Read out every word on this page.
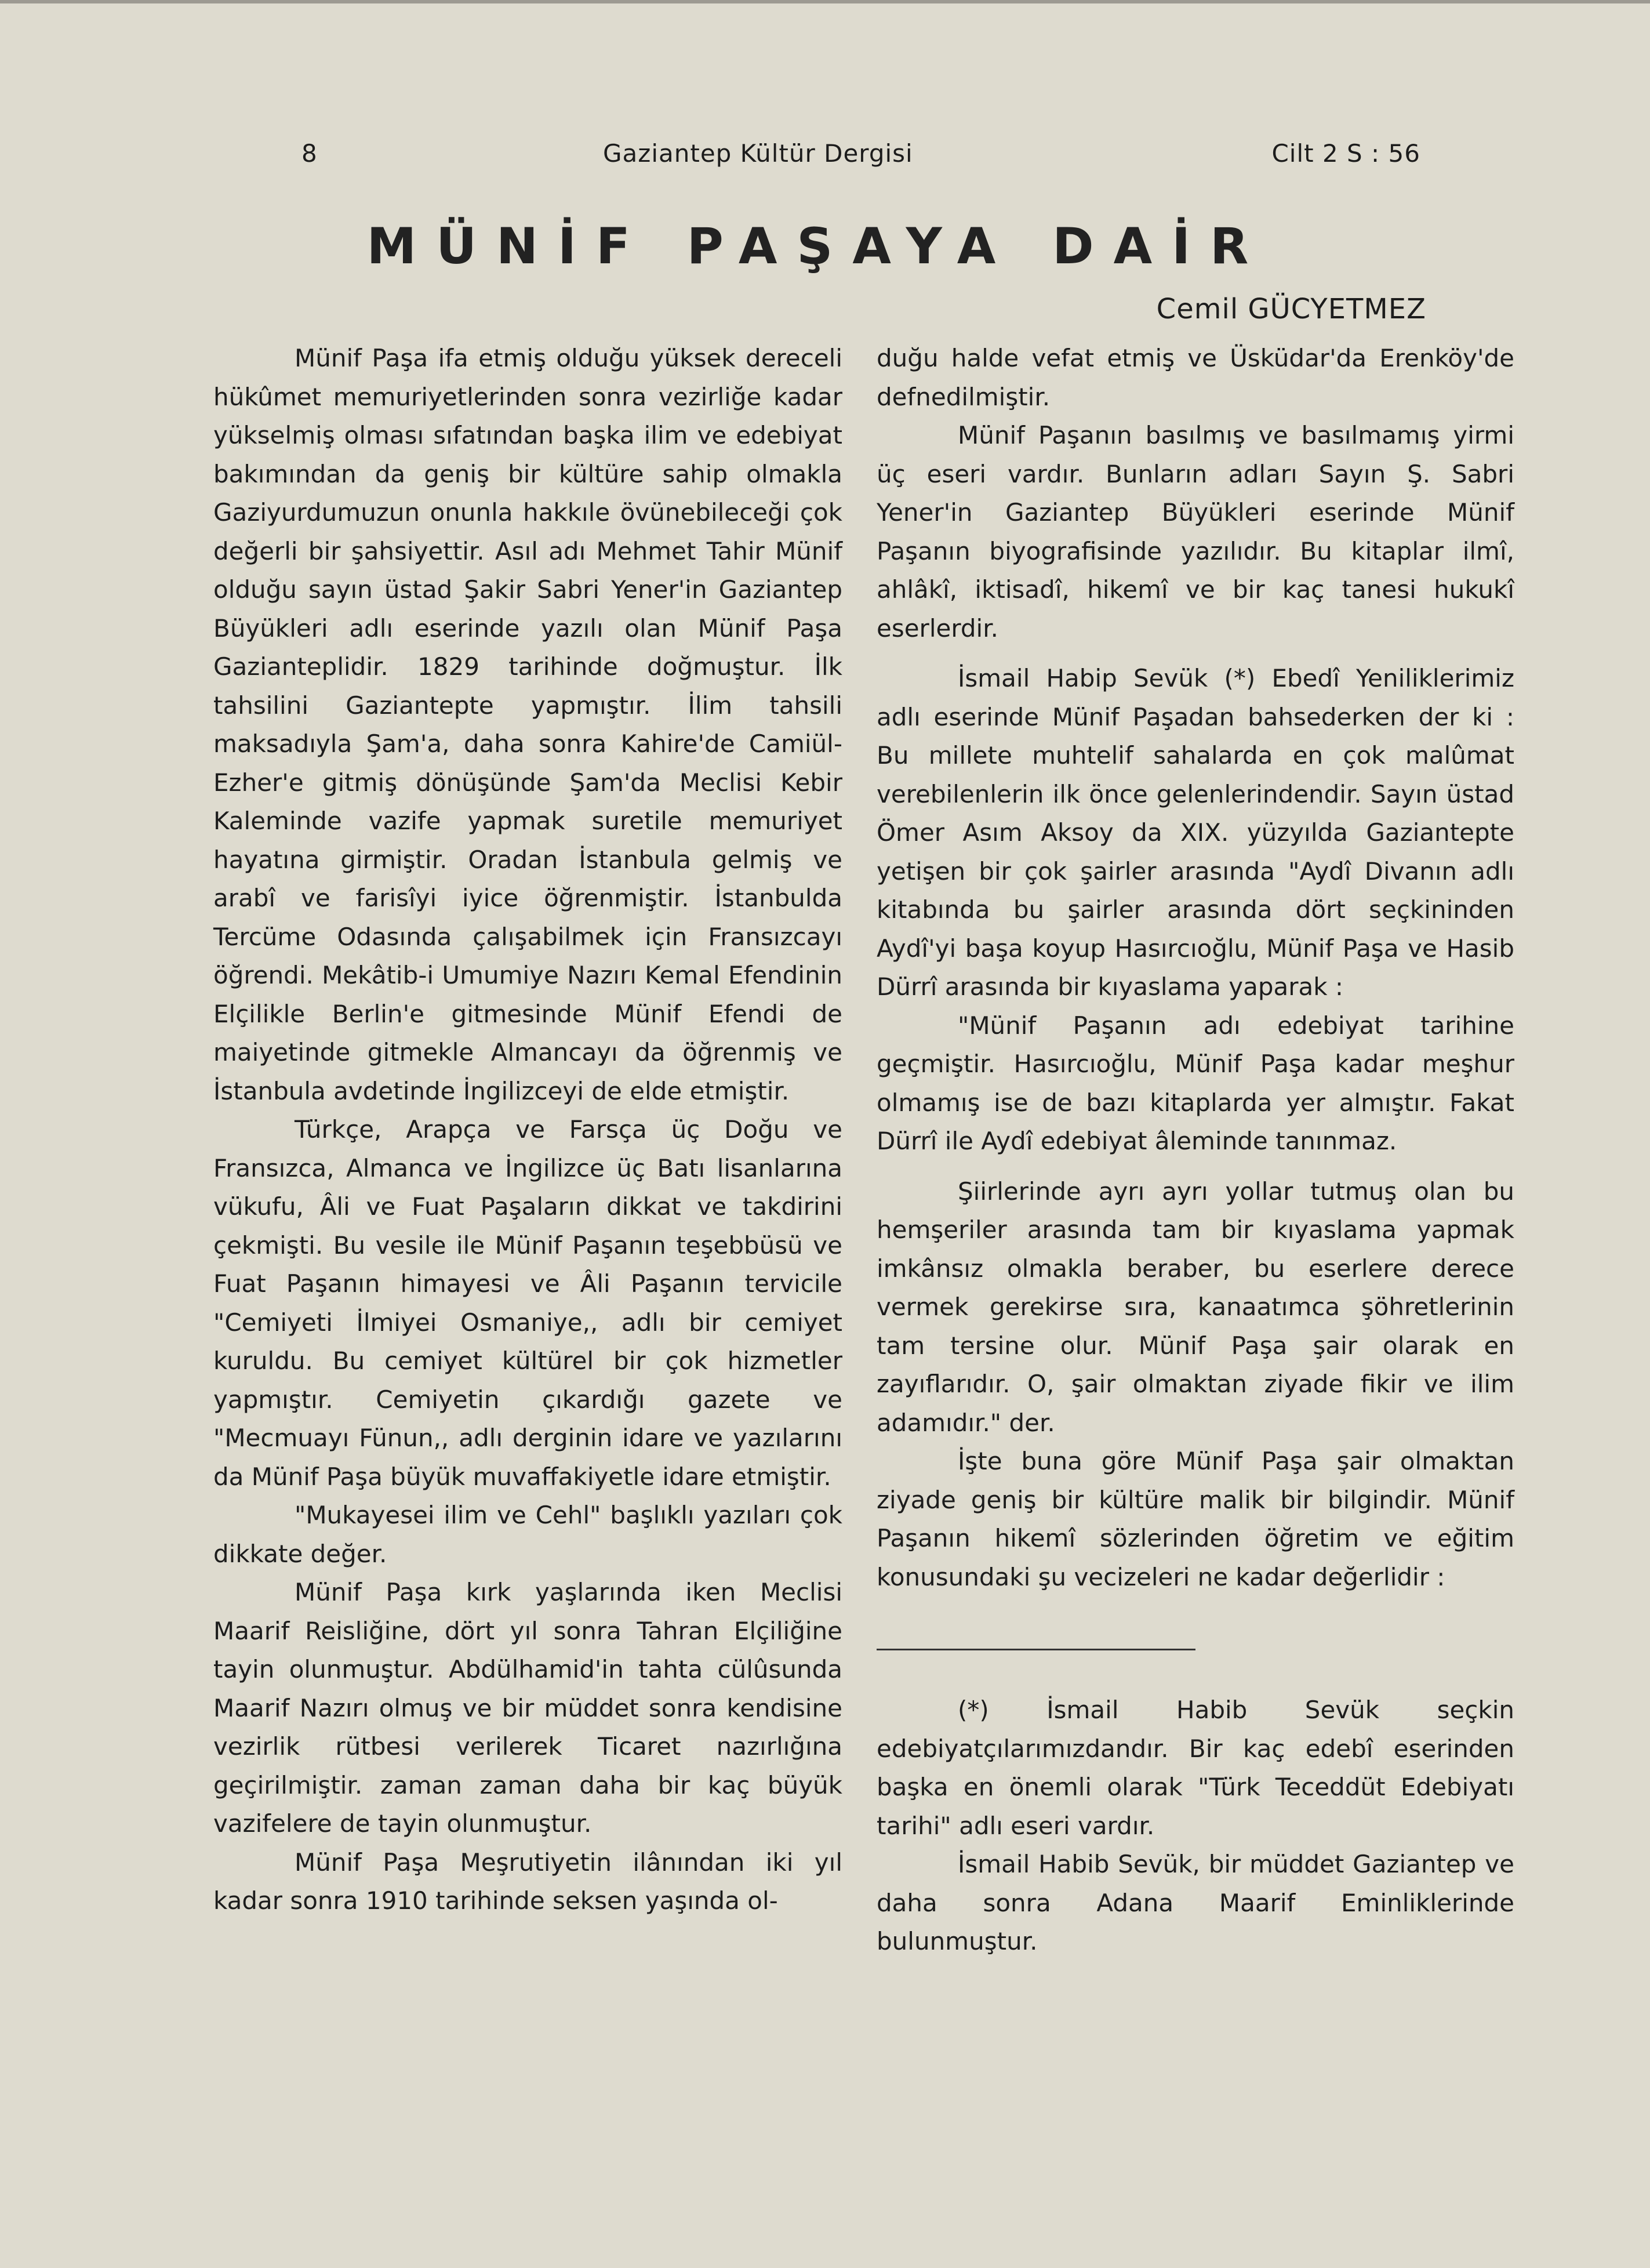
8	Gaziantep Kültür Dergisi	Cilt 2 S : 56
MÜNİF PAŞAYA DAİR
Cemil GÜCYETMEZ

Münif Paşa ifa etmiş olduğu yüksek dereceli hükûmet memuriyetlerinden sonra vezirliğe kadar yükselmiş olması sıfatından başka ilim ve edebiyat bakımından da geniş bir kültüre sahip olmakla Gaziyurdumuzun onunla hakkıle övünebileceği çok değerli bir şahsiyettir. Asıl adı Mehmet Tahir Münif olduğu sayın üstad Şakir Sabri Yener'in Gaziantep Büyükleri adlı eserinde yazılı olan Münif Paşa Gazianteplidir. 1829 tarihinde doğmuştur. İlk tahsilini Gaziantepte yapmıştır. İlim tahsili maksadıyla Şam'a, daha sonra Kahire'de Camiül-Ezher'e gitmiş dönüşünde Şam'da Meclisi Kebir Kaleminde vazife yapmak suretile memuriyet hayatına girmiştir. Oradan İstanbula gelmiş ve arabî ve farisîyi iyice öğrenmiştir. İstanbulda Tercüme Odasında çalışabilmek için Fransızcayı öğrendi. Mekâtib-i Umumiye Nazırı Kemal Efendinin Elçilikle Berlin'e gitmesinde Münif Efendi de maiyetinde gitmekle Almancayı da öğrenmiş ve İstanbula avdetinde İngilizceyi de elde etmiştir.

Türkçe, Arapça ve Farsça üç Doğu ve Fransızca, Almanca ve İngilizce üç Batı lisanlarına vükufu, Âli ve Fuat Paşaların dikkat ve takdirini çekmişti. Bu vesile ile Münif Paşanın teşebbüsü ve Fuat Paşanın himayesi ve Âli Paşanın tervicile "Cemiyeti İlmiyei Osmaniye,, adlı bir cemiyet kuruldu. Bu cemiyet kültürel bir çok hizmetler yapmıştır. Cemiyetin çıkardığı gazete ve "Mecmuayı Fünun,, adlı derginin idare ve yazılarını da Münif Paşa büyük muvaffakiyetle idare etmiştir.

"Mukayesei ilim ve Cehl" başlıklı yazıları çok dikkate değer.

Münif Paşa kırk yaşlarında iken Meclisi Maarif Reisliğine, dört yıl sonra Tahran Elçiliğine tayin olunmuştur. Abdülhamid'in tahta cülûsunda Maarif Nazırı olmuş ve bir müddet sonra kendisine vezirlik rütbesi verilerek Ticaret nazırlığına geçirilmiştir. zaman zaman daha bir kaç büyük vazifelere de tayin olunmuştur.

Münif Paşa Meşrutiyetin ilânından iki yıl kadar sonra 1910 tarihinde seksen yaşında ol-

duğu halde vefat etmiş ve Üsküdar'da Erenköy'de defnedilmiştir.

Münif Paşanın basılmış ve basılmamış yirmi üç eseri vardır. Bunların adları Sayın Ş. Sabri Yener'in Gaziantep Büyükleri eserinde Münif Paşanın biyografisinde yazılıdır. Bu kitaplar ilmî, ahlâkî, iktisadî, hikemî ve bir kaç tanesi hukukî eserlerdir.

İsmail Habip Sevük (*) Ebedî Yeniliklerimiz adlı eserinde Münif Paşadan bahsederken der ki : Bu millete muhtelif sahalarda en çok malûmat verebilenlerin ilk önce gelenlerindendir. Sayın üstad Ömer Asım Aksoy da XIX. yüzyılda Gaziantepte yetişen bir çok şairler arasında "Aydî Divanın adlı kitabında bu şairler arasında dört seçkininden Aydî'yi başa koyup Hasırcıoğlu, Münif Paşa ve Hasib Dürrî arasında bir kıyaslama yaparak :

"Münif Paşanın adı edebiyat tarihine geçmiştir. Hasırcıoğlu, Münif Paşa kadar meşhur olmamış ise de bazı kitaplarda yer almıştır. Fakat Dürrî ile Aydî edebiyat âleminde tanınmaz.

Şiirlerinde ayrı ayrı yollar tutmuş olan bu hemşeriler arasında tam bir kıyaslama yapmak imkânsız olmakla beraber, bu eserlere derece vermek gerekirse sıra, kanaatımca şöhretlerinin tam tersine olur. Münif Paşa şair olarak en zayıflarıdır. O, şair olmaktan ziyade fikir ve ilim adamıdır." der.

İşte buna göre Münif Paşa şair olmaktan ziyade geniş bir kültüre malik bir bilgindir. Münif Paşanın hikemî sözlerinden öğretim ve eğitim konusundaki şu vecizeleri ne kadar değerlidir :

(*) İsmail Habib Sevük seçkin edebiyatçılarımızdandır. Bir kaç edebî eserinden başka en önemli olarak "Türk Teceddüt Edebiyatı tarihi" adlı eseri vardır.

İsmail Habib Sevük, bir müddet Gaziantep ve daha sonra Adana Maarif Eminliklerinde bulunmuştur.
